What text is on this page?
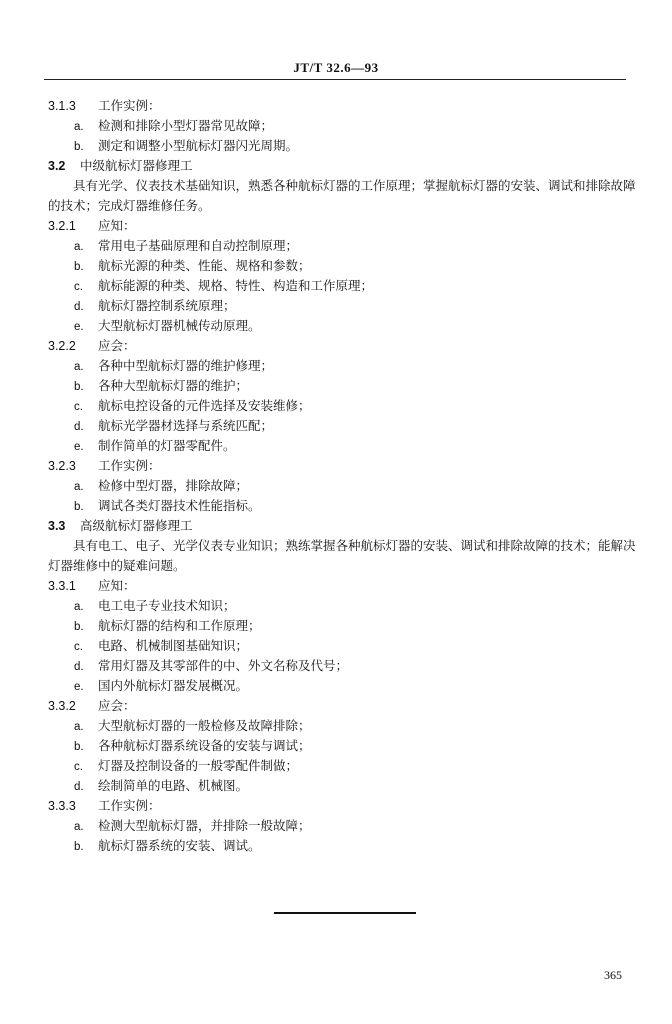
JT/T 32.6—93
3.1.3 工作实例：
a. 检测和排除小型灯器常见故障；
b. 测定和调整小型航标灯器闪光周期。
3.2 中级航标灯器修理工

具有光学、仪表技术基础知识，熟悉各种航标灯器的工作原理；掌握航标灯器的安装、调试和排除故障的技术；完成灯器维修任务。

3.2.1 应知：
a. 常用电子基础原理和自动控制原理；
b. 航标光源的种类、性能、规格和参数；
c. 航标能源的种类、规格、特性、构造和工作原理；
d. 航标灯器控制系统原理；
e. 大型航标灯器机械传动原理。
3.2.2 应会：
a. 各种中型航标灯器的维护修理；
b. 各种大型航标灯器的维护；
c. 航标电控设备的元件选择及安装维修；
d. 航标光学器材选择与系统匹配；
e. 制作简单的灯器零配件。
3.2.3 工作实例：
a. 检修中型灯器，排除故障；
b. 调试各类灯器技术性能指标。
3.3 高级航标灯器修理工

具有电工、电子、光学仪表专业知识；熟练掌握各种航标灯器的安装、调试和排除故障的技术；能解决灯器维修中的疑难问题。

3.3.1 应知：
a. 电工电子专业技术知识；
b. 航标灯器的结构和工作原理；
c. 电路、机械制图基础知识；
d. 常用灯器及其零部件的中、外文名称及代号；
e. 国内外航标灯器发展概况。
3.3.2 应会：
a. 大型航标灯器的一般检修及故障排除；
b. 各种航标灯器系统设备的安装与调试；
c. 灯器及控制设备的一般零配件制做；
d. 绘制简单的电路、机械图。
3.3.3 工作实例：
a. 检测大型航标灯器，并排除一般故障；
b. 航标灯器系统的安装、调试。
365
